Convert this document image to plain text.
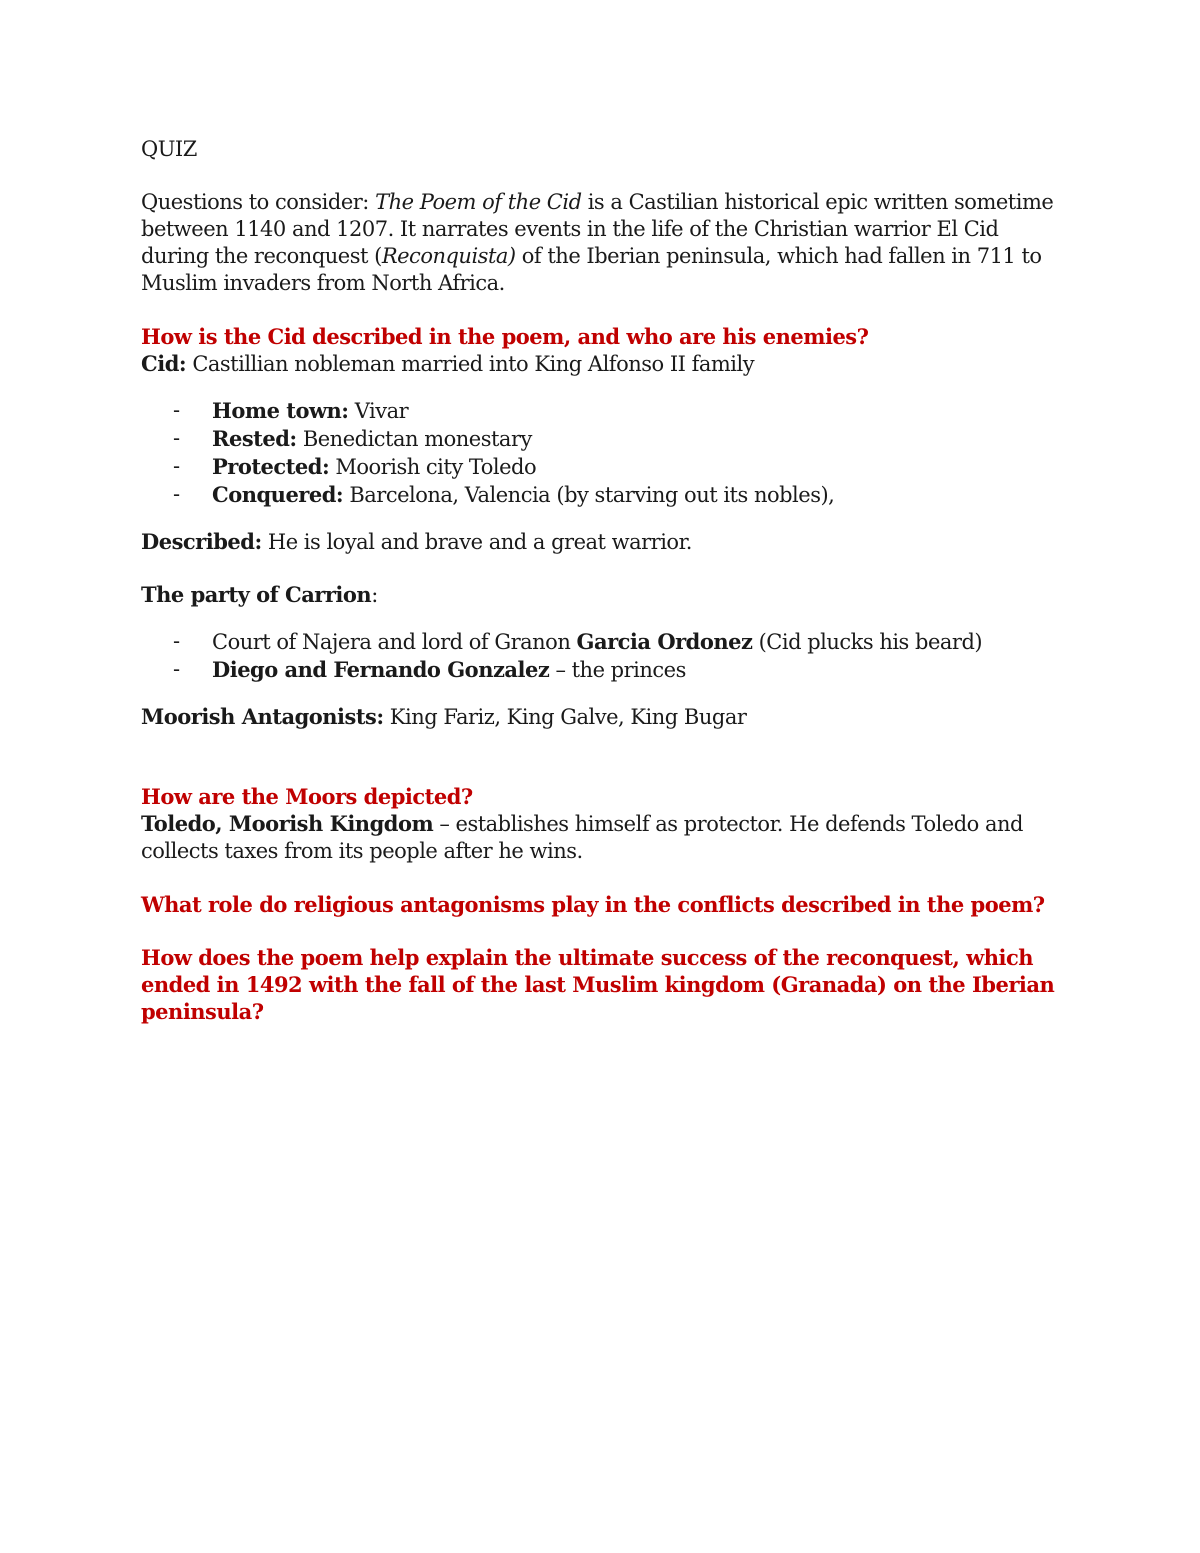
QUIZ

Questions to consider: The Poem of the Cid is a Castilian historical epic written sometime between 1140 and 1207. It narrates events in the life of the Christian warrior El Cid during the reconquest (Reconquista) of the Iberian peninsula, which had fallen in 711 to Muslim invaders from North Africa.

How is the Cid described in the poem, and who are his enemies?

Cid: Castillian nobleman married into King Alfonso II family

- Home town: Vivar
- Rested: Benedictan monestary
- Protected: Moorish city Toledo
- Conquered: Barcelona, Valencia (by starving out its nobles),

Described: He is loyal and brave and a great warrior.

The party of Carrion:

- Court of Najera and lord of Granon Garcia Ordonez (Cid plucks his beard)
- Diego and Fernando Gonzalez – the princes

Moorish Antagonists: King Fariz, King Galve, King Bugar

How are the Moors depicted?

Toledo, Moorish Kingdom – establishes himself as protector. He defends Toledo and collects taxes from its people after he wins.

What role do religious antagonisms play in the conflicts described in the poem?

How does the poem help explain the ultimate success of the reconquest, which ended in 1492 with the fall of the last Muslim kingdom (Granada) on the Iberian peninsula?
